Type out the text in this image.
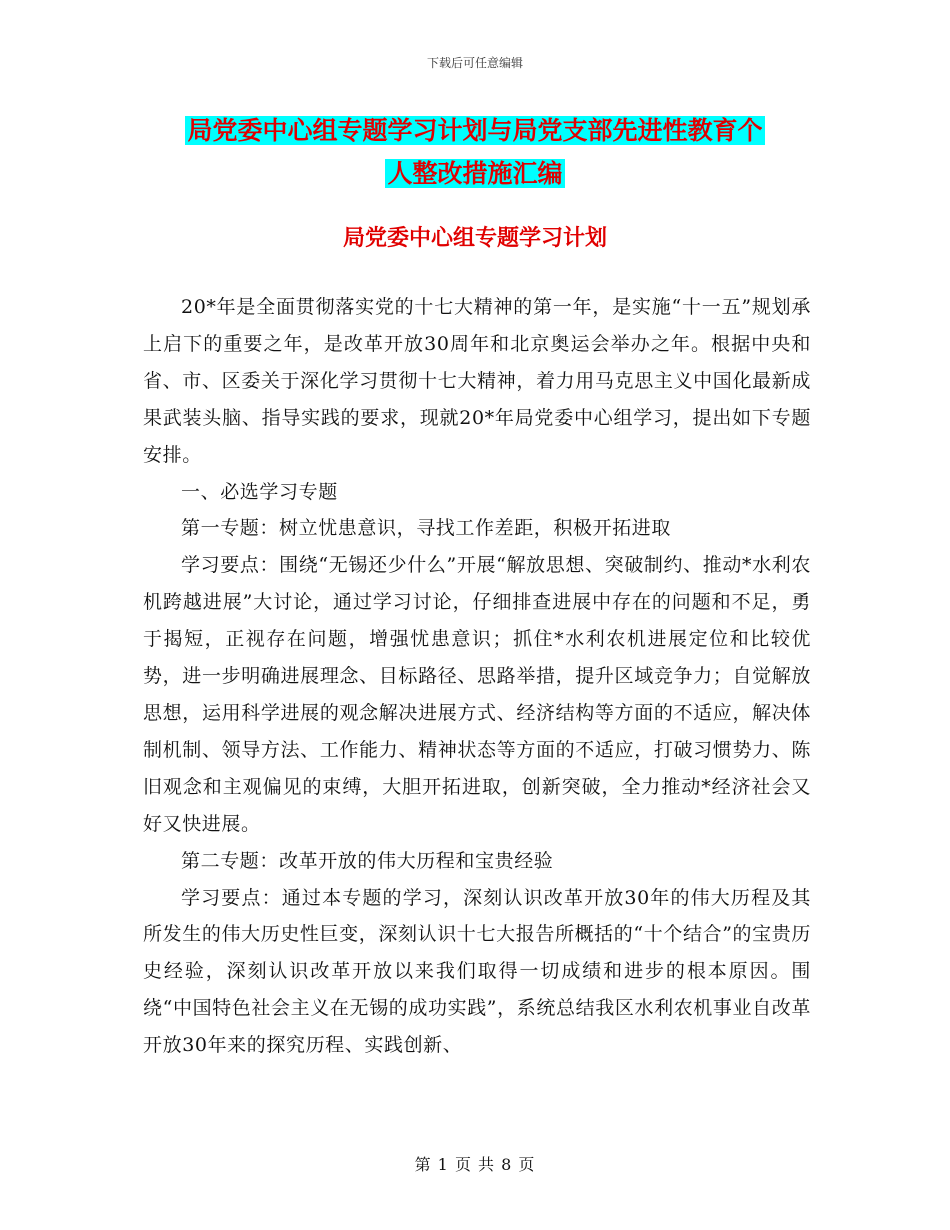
下载后可任意编辑
局党委中心组专题学习计划与局党支部先进性教育个
人整改措施汇编
局党委中心组专题学习计划

20*年是全面贯彻落实党的十七大精神的第一年，是实施“十一五”规划承上启下的重要之年，是改革开放30周年和北京奥运会举办之年。根据中央和省、市、区委关于深化学习贯彻十七大精神，着力用马克思主义中国化最新成果武装头脑、指导实践的要求，现就20*年局党委中心组学习，提出如下专题安排。

一、必选学习专题

第一专题：树立忧患意识，寻找工作差距，积极开拓进取

学习要点：围绕“无锡还少什么”开展“解放思想、突破制约、推动*水利农机跨越进展”大讨论，通过学习讨论，仔细排查进展中存在的问题和不足，勇于揭短，正视存在问题，增强忧患意识；抓住*水利农机进展定位和比较优势，进一步明确进展理念、目标路径、思路举措，提升区域竞争力；自觉解放思想，运用科学进展的观念解决进展方式、经济结构等方面的不适应，解决体制机制、领导方法、工作能力、精神状态等方面的不适应，打破习惯势力、陈旧观念和主观偏见的束缚，大胆开拓进取，创新突破，全力推动*经济社会又好又快进展。

第二专题：改革开放的伟大历程和宝贵经验

学习要点：通过本专题的学习，深刻认识改革开放30年的伟大历程及其所发生的伟大历史性巨变，深刻认识十七大报告所概括的“十个结合”的宝贵历史经验，深刻认识改革开放以来我们取得一切成绩和进步的根本原因。围绕“中国特色社会主义在无锡的成功实践”，系统总结我区水利农机事业自改革开放30年来的探究历程、实践创新、

第 1 页 共 8 页
